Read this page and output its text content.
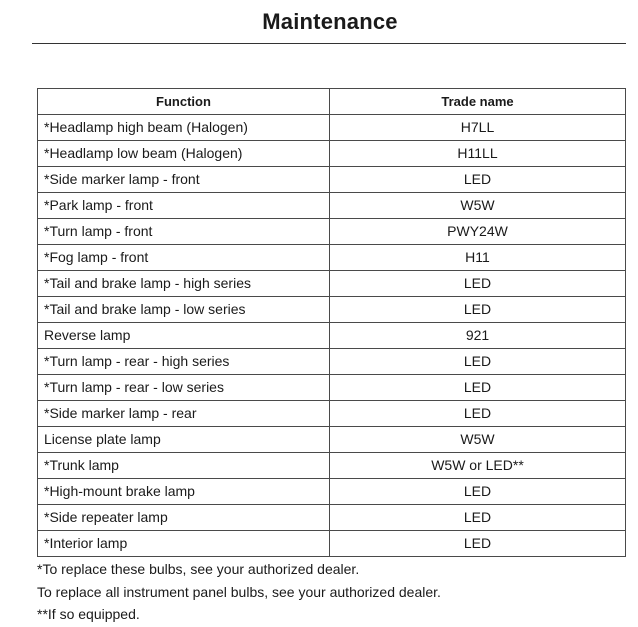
Maintenance
Function	Trade name
*Headlamp high beam (Halogen)	H7LL
*Headlamp low beam (Halogen)	H11LL
*Side marker lamp - front	LED
*Park lamp - front	W5W
*Turn lamp - front	PWY24W
*Fog lamp - front	H11
*Tail and brake lamp - high series	LED
*Tail and brake lamp - low series	LED
Reverse lamp	921
*Turn lamp - rear - high series	LED
*Turn lamp - rear - low series	LED
*Side marker lamp - rear	LED
License plate lamp	W5W
*Trunk lamp	W5W or LED**
*High-mount brake lamp	LED
*Side repeater lamp	LED
*Interior lamp	LED
*To replace these bulbs, see your authorized dealer.
To replace all instrument panel bulbs, see your authorized dealer.
**If so equipped.
